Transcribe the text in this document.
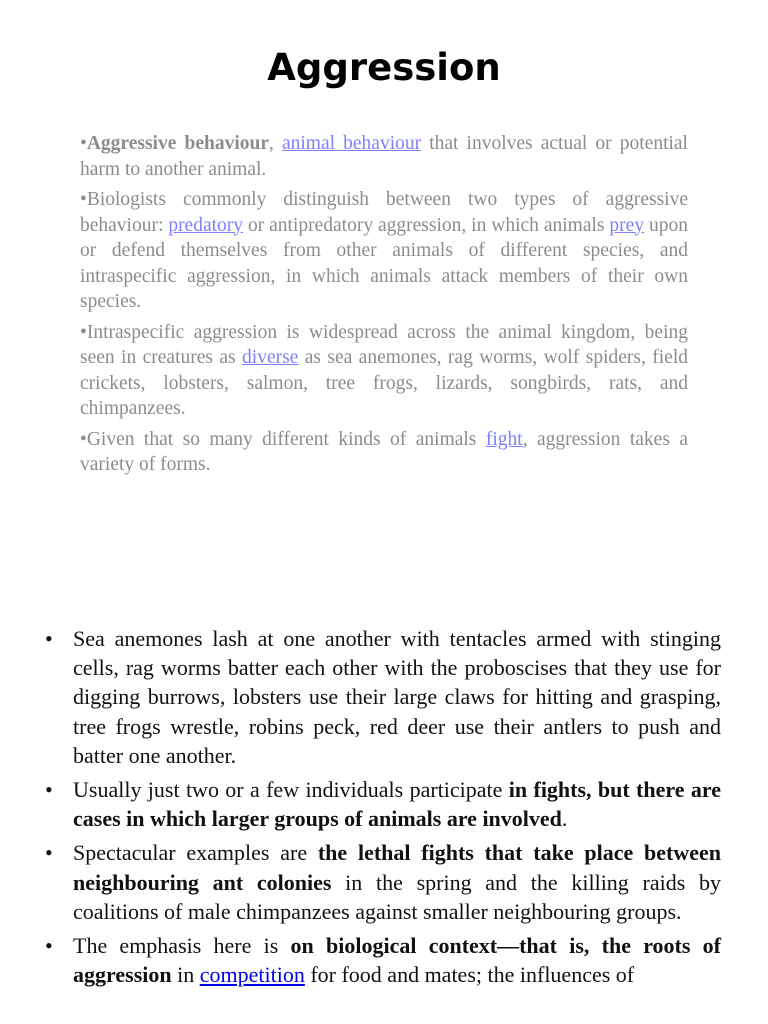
Aggression

•Aggressive behaviour, animal behaviour that involves actual or potential harm to another animal.

•Biologists commonly distinguish between two types of aggressive behaviour: predatory or antipredatory aggression, in which animals prey upon or defend themselves from other animals of different species, and intraspecific aggression, in which animals attack members of their own species.

•Intraspecific aggression is widespread across the animal kingdom, being seen in creatures as diverse as sea anemones, rag worms, wolf spiders, field crickets, lobsters, salmon, tree frogs, lizards, songbirds, rats, and chimpanzees.

•Given that so many different kinds of animals fight, aggression takes a variety of forms.

• Sea anemones lash at one another with tentacles armed with stinging cells, rag worms batter each other with the proboscises that they use for digging burrows, lobsters use their large claws for hitting and grasping, tree frogs wrestle, robins peck, red deer use their antlers to push and batter one another.
• Usually just two or a few individuals participate in fights, but there are cases in which larger groups of animals are involved.
• Spectacular examples are the lethal fights that take place between neighbouring ant colonies in the spring and the killing raids by coalitions of male chimpanzees against smaller neighbouring groups.
• The emphasis here is on biological context—that is, the roots of aggression in competition for food and mates; the influences of
